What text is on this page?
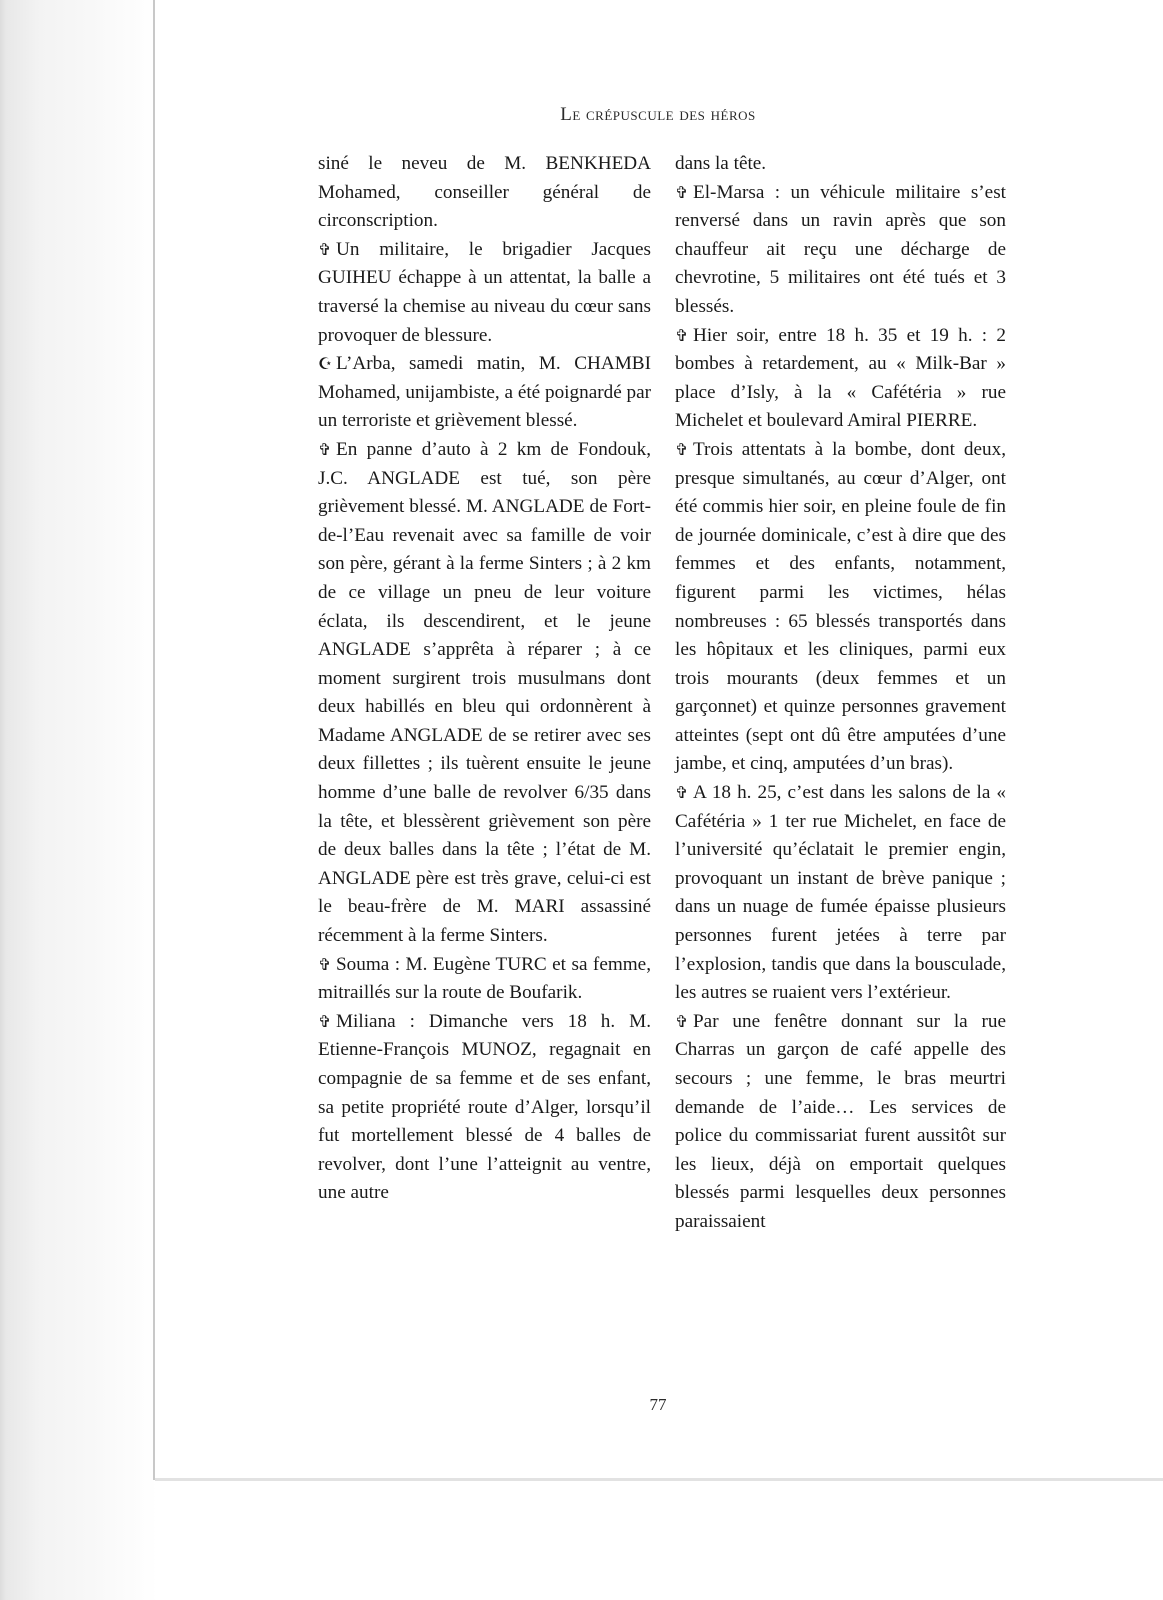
Le crépuscule des héros

siné le neveu de M. BENKHEDA Mohamed, conseiller général de circonscription.

✞ Un militaire, le brigadier Jacques GUIHEU échappe à un attentat, la balle a traversé la chemise au niveau du cœur sans provoquer de blessure.

☪ L’Arba, samedi matin, M. CHAMBI Mohamed, unijambiste, a été poignardé par un terroriste et grièvement blessé.

✞ En panne d’auto à 2 km de Fondouk, J.C. ANGLADE est tué, son père grièvement blessé. M. ANGLADE de Fort-de-l’Eau revenait avec sa famille de voir son père, gérant à la ferme Sinters ; à 2 km de ce village un pneu de leur voiture éclata, ils descendirent, et le jeune ANGLADE s’apprêta à réparer ; à ce moment surgirent trois musulmans dont deux habillés en bleu qui ordonnèrent à Madame ANGLADE de se retirer avec ses deux fillettes ; ils tuèrent ensuite le jeune homme d’une balle de revolver 6/35 dans la tête, et blessèrent grièvement son père de deux balles dans la tête ; l’état de M. ANGLADE père est très grave, celui-ci est le beau-frère de M. MARI assassiné récemment à la ferme Sinters.

✞ Souma : M. Eugène TURC et sa femme, mitraillés sur la route de Boufarik.

✞ Miliana : Dimanche vers 18 h. M. Etienne-François MUNOZ, regagnait en compagnie de sa femme et de ses enfant, sa petite propriété route d’Alger, lorsqu’il fut mortellement blessé de 4 balles de revolver, dont l’une l’atteignit au ventre, une autre

dans la tête.

✞ El-Marsa : un véhicule militaire s’est renversé dans un ravin après que son chauffeur ait reçu une décharge de chevrotine, 5 militaires ont été tués et 3 blessés.

✞ Hier soir, entre 18 h. 35 et 19 h. : 2 bombes à retardement, au « Milk-Bar » place d’Isly, à la « Cafétéria » rue Michelet et boulevard Amiral PIERRE.

✞ Trois attentats à la bombe, dont deux, presque simultanés, au cœur d’Alger, ont été commis hier soir, en pleine foule de fin de journée dominicale, c’est à dire que des femmes et des enfants, notamment, figurent parmi les victimes, hélas nombreuses : 65 blessés transportés dans les hôpitaux et les cliniques, parmi eux trois mourants (deux femmes et un garçonnet) et quinze personnes gravement atteintes (sept ont dû être amputées d’une jambe, et cinq, amputées d’un bras).

✞ A 18 h. 25, c’est dans les salons de la « Cafétéria » 1 ter rue Michelet, en face de l’université qu’éclatait le premier engin, provoquant un instant de brève panique ; dans un nuage de fumée épaisse plusieurs personnes furent jetées à terre par l’explosion, tandis que dans la bousculade, les autres se ruaient vers l’extérieur.

✞ Par une fenêtre donnant sur la rue Charras un garçon de café appelle des secours ; une femme, le bras meurtri demande de l’aide… Les services de police du commissariat furent aussitôt sur les lieux, déjà on emportait quelques blessés parmi lesquelles deux personnes paraissaient

77
